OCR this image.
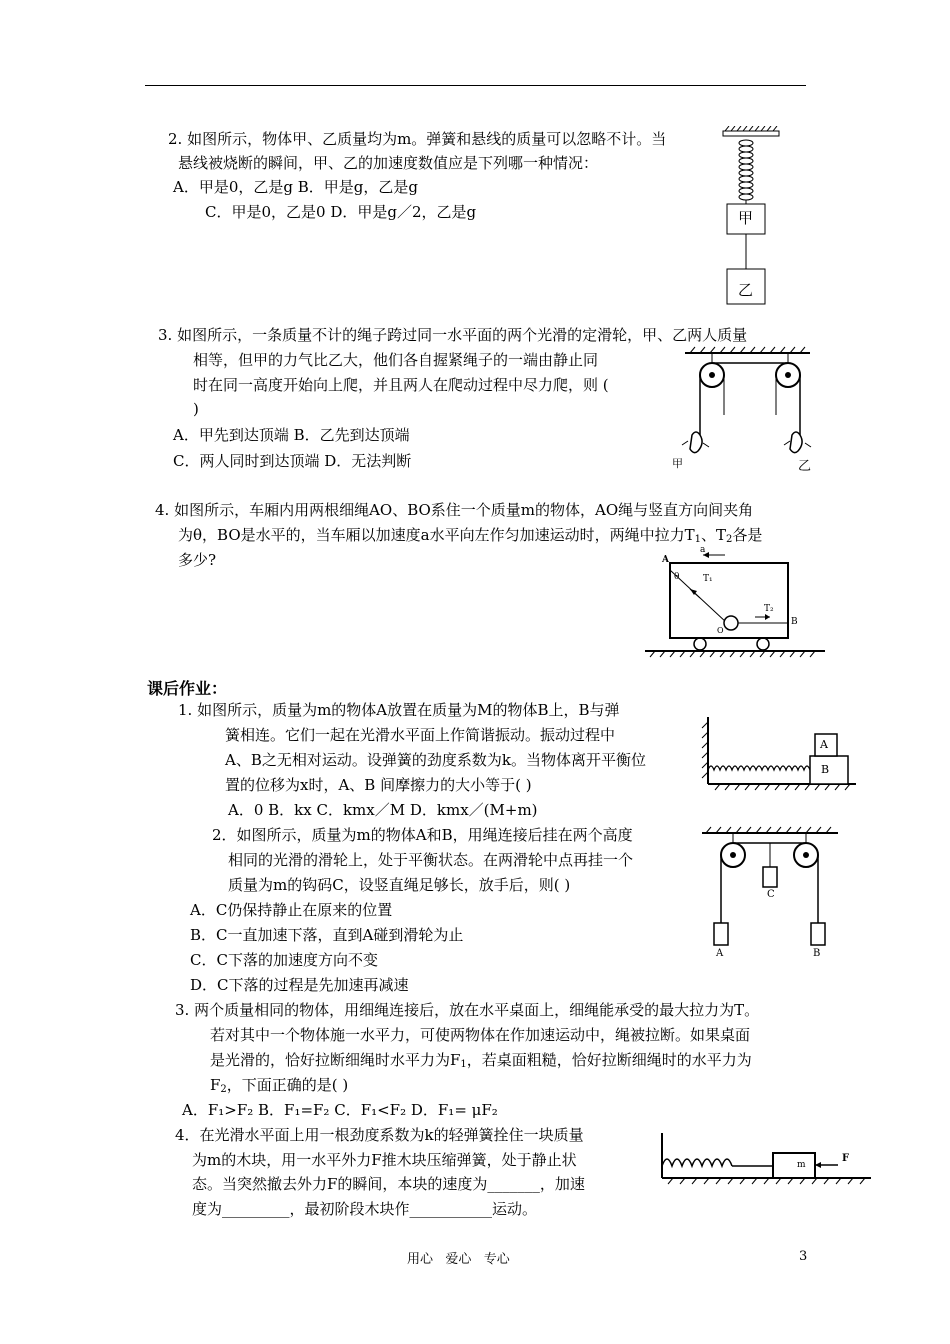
2. 如图所示，物体甲、乙质量均为m。弹簧和悬线的质量可以忽略不计。当
悬线被烧断的瞬间，甲、乙的加速度数值应是下列哪一种情况：
A．甲是0，乙是g B．甲是g，乙是g
C．甲是0，乙是0 D．甲是g／2，乙是g	甲
乙
3. 如图所示，一条质量不计的绳子跨过同一水平面的两个光滑的定滑轮，甲、乙两人质量
相等，但甲的力气比乙大，他们各自握紧绳子的一端由静止同
时在同一高度开始向上爬，并且两人在爬动过程中尽力爬，则 (
)
A．甲先到达顶端 B．乙先到达顶端
C．两人同时到达顶端 D．无法判断	甲	乙
4. 如图所示，车厢内用两根细绳AO、BO系住一个质量m的物体，AO绳与竖直方向间夹角
为θ，BO是水平的，当车厢以加速度a水平向左作匀加速运动时，两绳中拉力$T_1$、$T_2$各是
多少?	A
θ
a
T₁
T₂
B
O
课后作业：
1. 如图所示，质量为m的物体A放置在质量为M的物体B上，B与弹
簧相连。它们一起在光滑水平面上作简谐振动。振动过程中
A、B之无相对运动。设弹簧的劲度系数为k。当物体离开平衡位
置的位移为x时，A、B 间摩擦力的大小等于( )
A．0 B．kx C．kmx／M D．kmx／(M+m)
A
B
2．如图所示，质量为m的物体A和B，用绳连接后挂在两个高度
相同的光滑的滑轮上，处于平衡状态。在两滑轮中点再挂一个
质量为m的钩码C，设竖直绳足够长，放手后，则( )
A．C仍保持静止在原来的位置
B．C一直加速下落，直到A碰到滑轮为止
C．C下落的加速度方向不变
D．C下落的过程是先加速再减速
C
A	B
3. 两个质量相同的物体，用细绳连接后，放在水平桌面上，细绳能承受的最大拉力为T。
若对其中一个物体施一水平力，可使两物体在作加速运动中，绳被拉断。如果桌面
是光滑的，恰好拉断细绳时水平力为$F_1$，若桌面粗糙，恰好拉断细绳时的水平力为
$F_2$，下面正确的是( )
A．F₁>F₂ B．F₁=F₂ C．F₁<F₂ D．F₁= μF₂
4．在光滑水平面上用一根劲度系数为k的轻弹簧拴住一块质量
为m的木块，用一水平外力F推木块压缩弹簧，处于静止状
态。当突然撤去外力F的瞬间，本块的速度为_______，加速
度为_________，最初阶段木块作___________运动。
m
F
用心   爱心   专心	3
